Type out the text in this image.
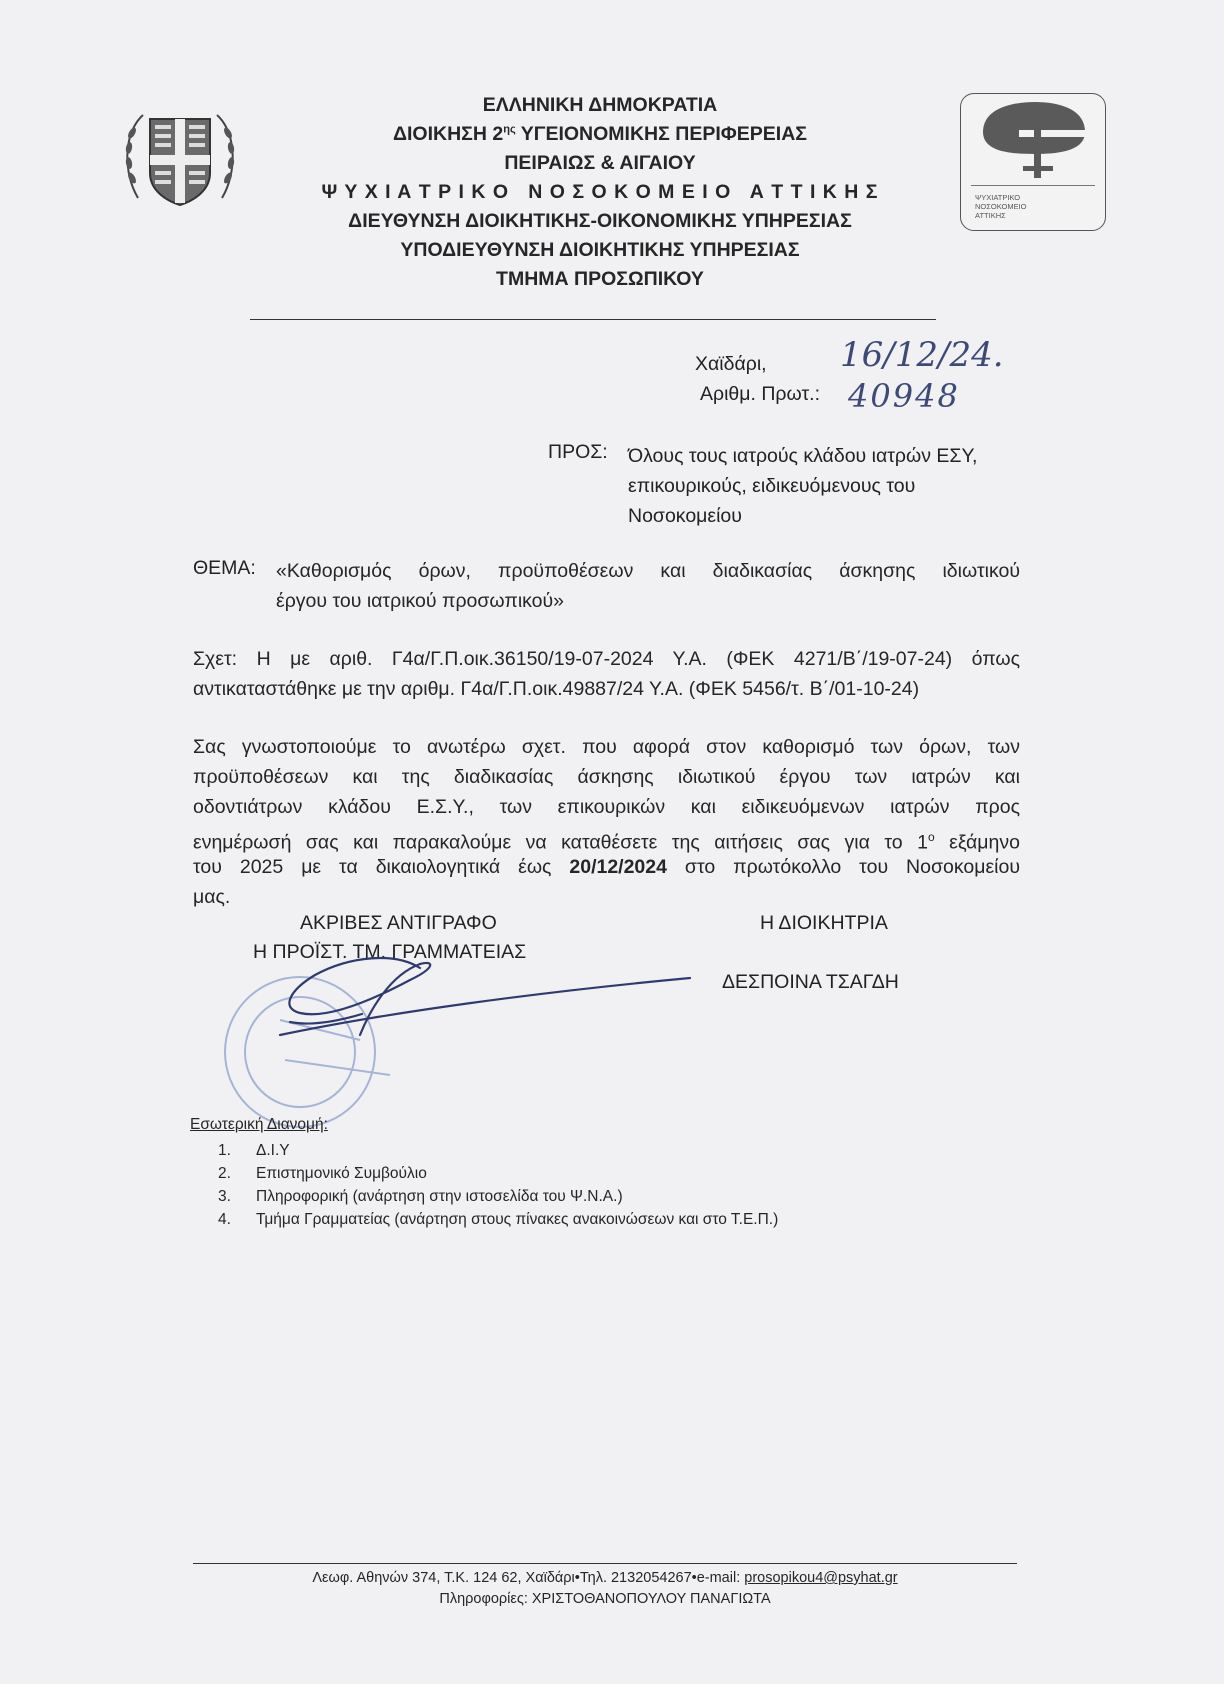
ΕΛΛΗΝΙΚΗ ΔΗΜΟΚΡΑΤΙΑ
ΔΙΟΙΚΗΣΗ $2^{\eta\varsigma}$ ΥΓΕΙΟΝΟΜΙΚΗΣ ΠΕΡΙΦΕΡΕΙΑΣ
ΠΕΙΡΑΙΩΣ & ΑΙΓΑΙΟΥ
Ψ Υ Χ Ι Α Τ Ρ Ι Κ Ο   Ν Ο Σ Ο Κ Ο Μ Ε Ι Ο   Α Τ Τ Ι Κ Η Σ
ΔΙΕΥΘΥΝΣΗ ΔΙΟΙΚΗΤΙΚΗΣ-ΟΙΚΟΝΟΜΙΚΗΣ ΥΠΗΡΕΣΙΑΣ
ΥΠΟΔΙΕΥΘΥΝΣΗ ΔΙΟΙΚΗΤΙΚΗΣ ΥΠΗΡΕΣΙΑΣ
ΤΜΗΜΑ ΠΡΟΣΩΠΙΚΟΥ
ΨΥΧΙΑΤΡΙΚΟ
ΝΟΣΟΚΟΜΕΙΟ
ΑΤΤΙΚΗΣ
Χαϊδάρι, 16/12/24.
Αριθμ. Πρωτ.: 40948
ΠΡΟΣ: Όλους τους ιατρούς κλάδου ιατρών ΕΣΥ,
επικουρικούς, ειδικευόμενους του
Νοσοκομείου
ΘΕΜΑ: «Καθορισμός όρων, προϋποθέσεων και διαδικασίας άσκησης ιδιωτικού
έργου του ιατρικού προσωπικού»
Σχετ: Η με αριθ. Γ4α/Γ.Π.οικ.36150/19-07-2024 Υ.Α. (ΦΕΚ 4271/Β΄/19-07-24) όπως
αντικαταστάθηκε με την αριθμ. Γ4α/Γ.Π.οικ.49887/24 Υ.Α. (ΦΕΚ 5456/τ. Β΄/01-10-24)
Σας γνωστοποιούμε το ανωτέρω σχετ. που αφορά στον καθορισμό των όρων, των
προϋποθέσεων και της διαδικασίας άσκησης ιδιωτικού έργου των ιατρών και
οδοντιάτρων κλάδου Ε.Σ.Υ., των επικουρικών και ειδικευόμενων ιατρών προς
ενημέρωσή σας και παρακαλούμε να καταθέσετε της αιτήσεις σας για το $1^o$ εξάμηνο
του 2025 με τα δικαιολογητικά έως 20/12/2024 στο πρωτόκολλο του Νοσοκομείου
μας.
ΑΚΡΙΒΕΣ ΑΝΤΙΓΡΑΦΟ
Η ΠΡΟΪΣΤ. ΤΜ. ΓΡΑΜΜΑΤΕΙΑΣ
Η ΔΙΟΙΚΗΤΡΙΑ
ΔΕΣΠΟΙΝΑ ΤΣΑΓΔΗ
Εσωτερική Διανομή:
1. Δ.Ι.Υ
2. Επιστημονικό Συμβούλιο
3. Πληροφορική (ανάρτηση στην ιστοσελίδα του Ψ.Ν.Α.)
4. Τμήμα Γραμματείας (ανάρτηση στους πίνακες ανακοινώσεων και στο Τ.Ε.Π.)
Λεωφ. Αθηνών 374, Τ.Κ. 124 62, Χαϊδάρι•Τηλ. 2132054267•e-mail: prosopikou4@psyhat.gr
Πληροφορίες: ΧΡΙΣΤΟΘΑΝΟΠΟΥΛΟΥ ΠΑΝΑΓΙΩΤΑ
